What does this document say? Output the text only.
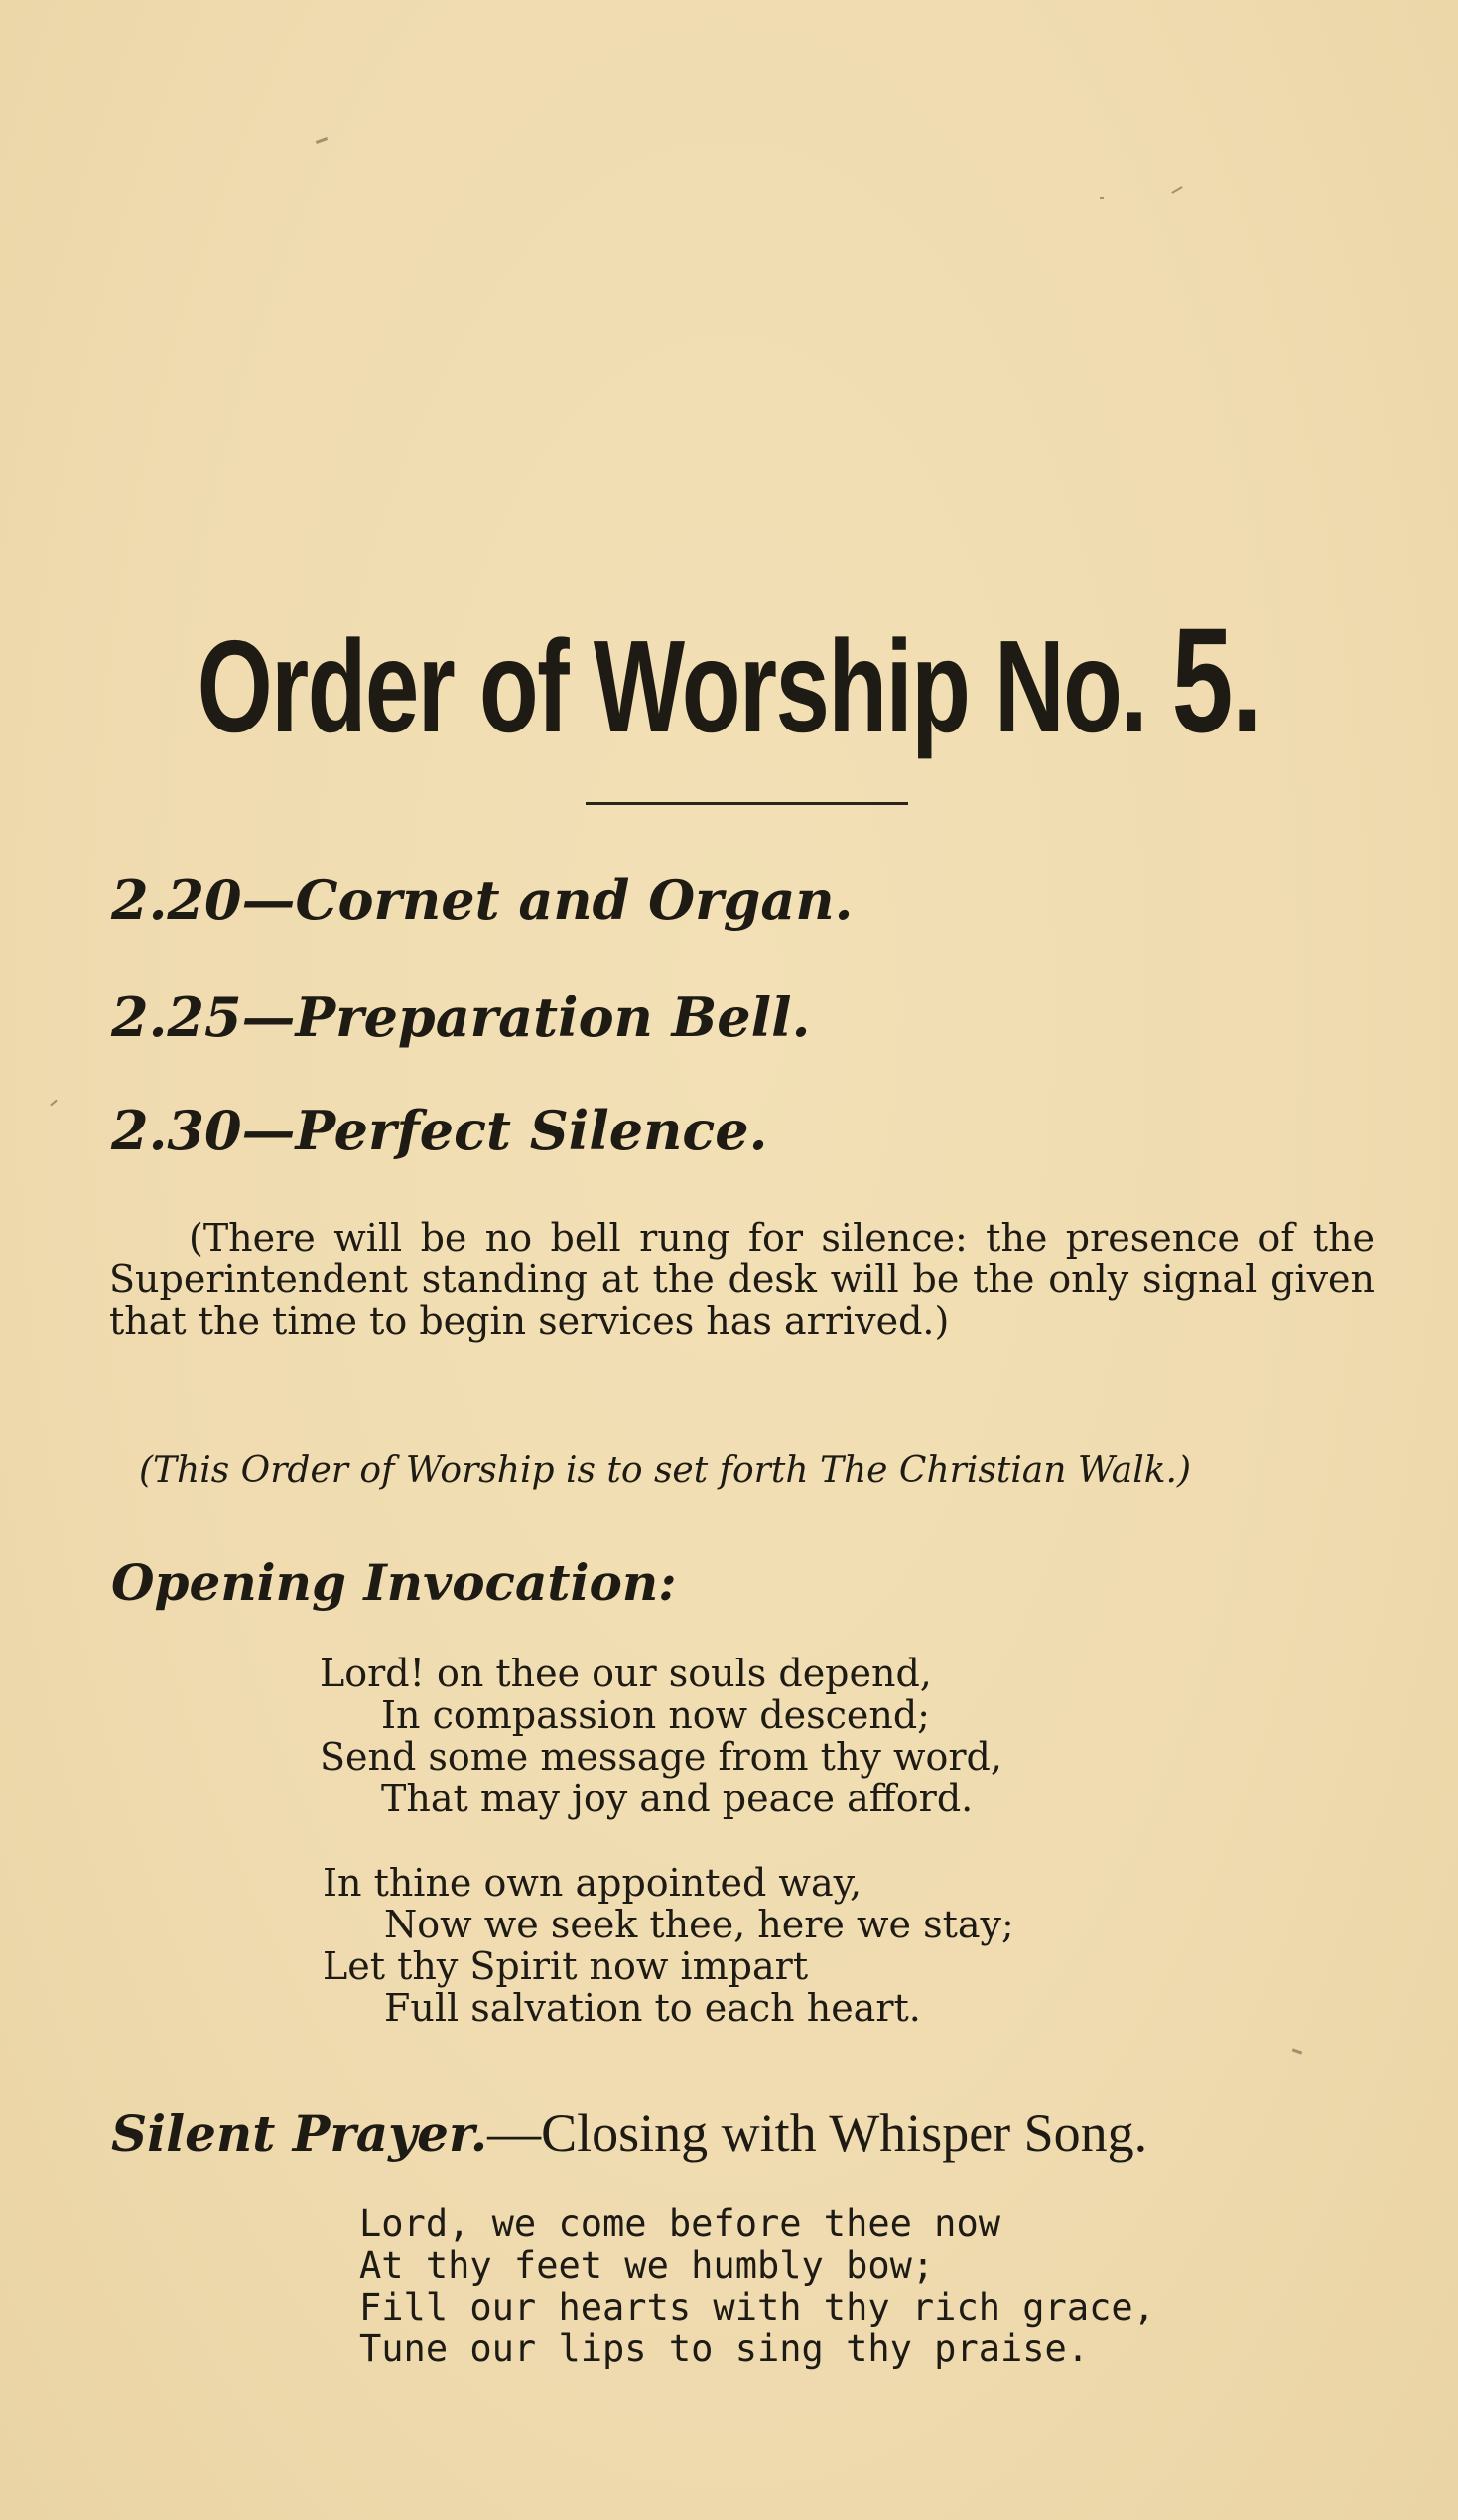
Order of Worship No. 5.
2.20—Cornet and Organ.
2.25—Preparation Bell.
2.30—Perfect Silence.
(There will be no bell rung for silence: the presence of the Superintendent standing at the desk will be the only signal given that the time to begin services has arrived.)
(This Order of Worship is to set forth The Christian Walk.)
Opening Invocation:
Lord! on thee our souls depend,
In compassion now descend;
Send some message from thy word,
That may joy and peace afford.
In thine own appointed way,
Now we seek thee, here we stay;
Let thy Spirit now impart
Full salvation to each heart.
Silent Prayer.—Closing with Whisper Song.
Lord, we come before thee now
At thy feet we humbly bow;
Fill our hearts with thy rich grace,
Tune our lips to sing thy praise.
